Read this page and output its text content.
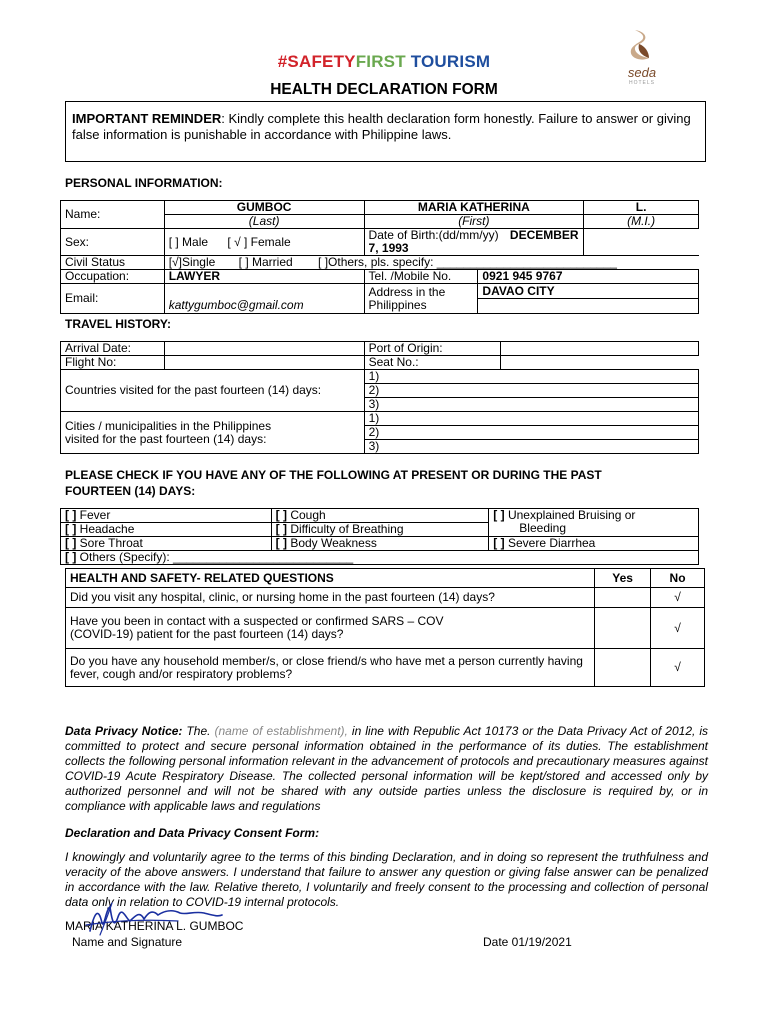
#SAFETYFIRST TOURISM
seda
HOTELS
HEALTH DECLARATION FORM
IMPORTANT REMINDER: Kindly complete this health declaration form honestly. Failure to answer or giving false information is punishable in accordance with Philippine laws.
PERSONAL INFORMATION:
Name:	GUMBOC	MARIA KATHERINA		L.
	(Last)	(First)		(M.I.)
Sex:	[ ] Male [ √ ] Female	Date of Birth:(dd/mm/yy) DECEMBER 7, 1993		
Civil Status	[√]Single [ ] Married [ ]Others, pls. specify: ___________________________			
Occupation:	LAWYER	Tel. /Mobile No.	0921 945 9767	
Email:	kattygumboc@gmail.com	Address in the Philippines	DAVAO CITY	

TRAVEL HISTORY:
Arrival Date:		Port of Origin:	
Flight No:		Seat No.:	
Countries visited for the past fourteen (14) days:		1)	
		2)	
		3)	
Cities / municipalities in the Philippines visited for the past fourteen (14) days:		1)	
		2)	
		3)	
PLEASE CHECK IF YOU HAVE ANY OF THE FOLLOWING AT PRESENT OR DURING THE PAST FOURTEEN (14) DAYS:
[ ] Fever	[ ] Cough	[ ] Unexplained Bruising or
Bleeding
[ ] Headache	[ ] Difficulty of Breathing	
[ ] Sore Throat	[ ] Body Weakness	[ ] Severe Diarrhea
[ ] Others (Specify): ___________________________		
HEALTH AND SAFETY- RELATED QUESTIONS	Yes	No
Did you visit any hospital, clinic, or nursing home in the past fourteen (14) days?		√
Have you been in contact with a suspected or confirmed SARS – COV (COVID-19) patient for the past fourteen (14) days?		√
Do you have any household member/s, or close friend/s who have met a person currently having fever, cough and/or respiratory problems?		√
Data Privacy Notice: The. (name of establishment), in line with Republic Act 10173 or the Data Privacy Act of 2012, is committed to protect and secure personal information obtained in the performance of its duties. The establishment collects the following personal information relevant in the advancement of protocols and precautionary measures against COVID-19 Acute Respiratory Disease. The collected personal information will be kept/stored and accessed only by authorized personnel and will not be shared with any outside parties unless the disclosure is required by, or in compliance with applicable laws and regulations
Declaration and Data Privacy Consent Form:
I knowingly and voluntarily agree to the terms of this binding Declaration, and in doing so represent the truthfulness and veracity of the above answers. I understand that failure to answer any question or giving false answer can be penalized in accordance with the law. Relative thereto, I voluntarily and freely consent to the processing and collection of personal data only in relation to COVID-19 internal protocols.
MARIA KATHERINA L. GUMBOC
Name and Signature	Date 01/19/2021
